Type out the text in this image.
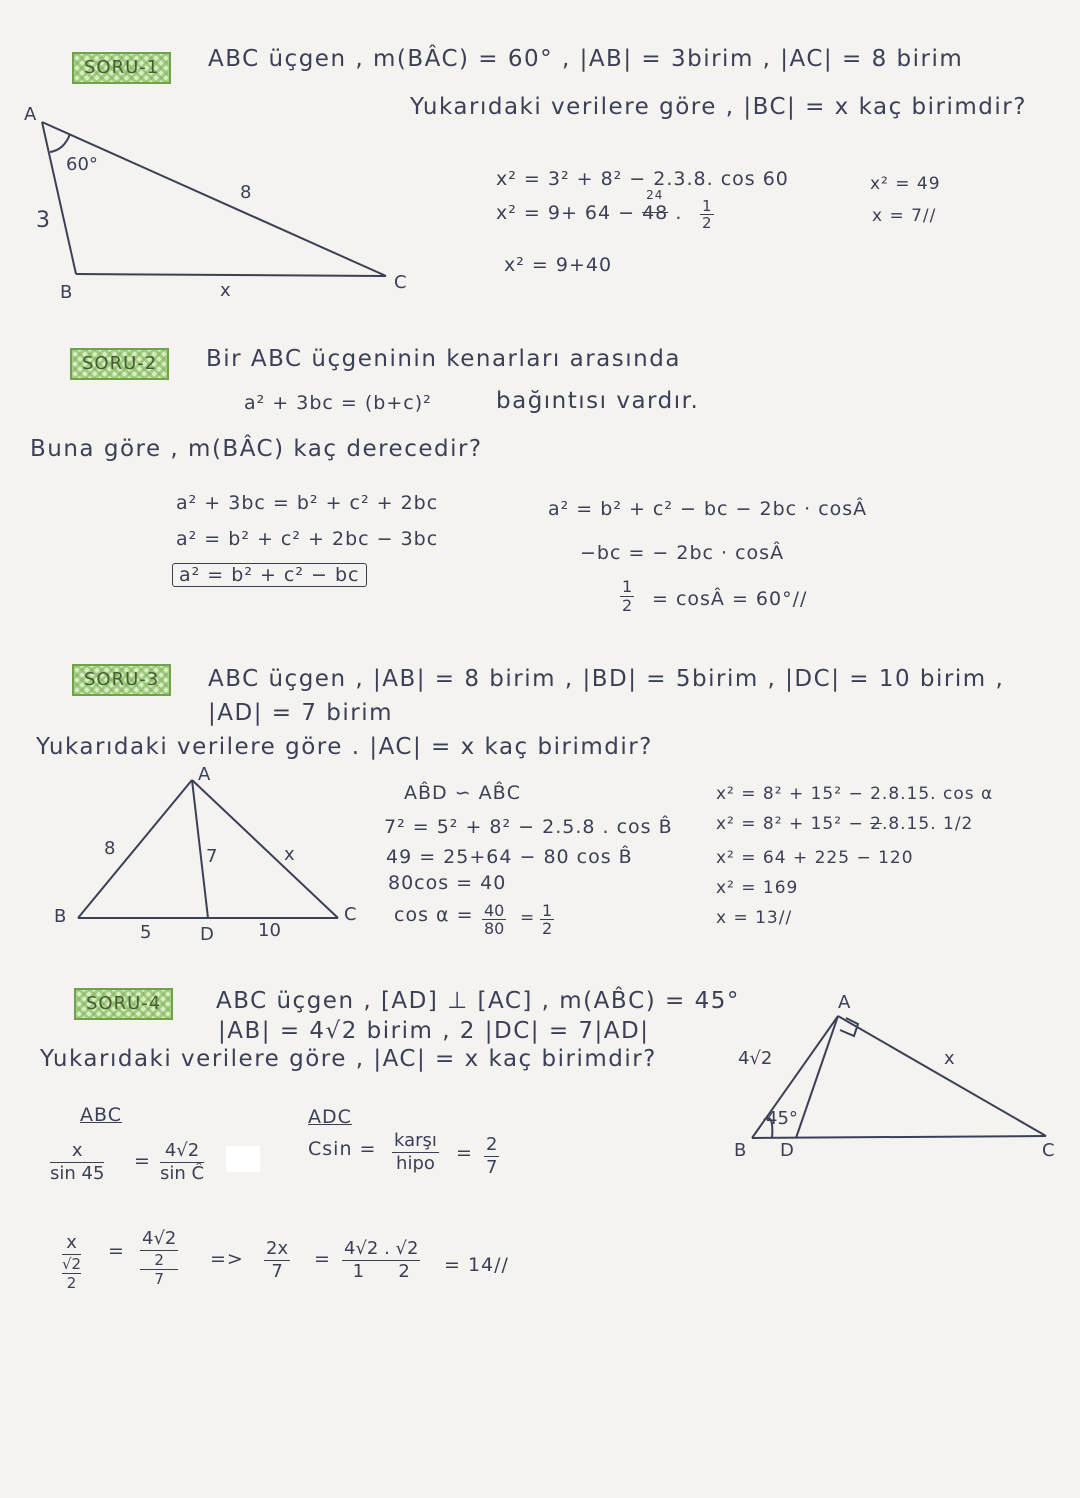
SORU-1	ABC üçgen , m(BÂC) = 60° , |AB| = 3birim , |AC| = 8 birim
Yukarıdaki verilere göre , |BC| = x kaç birimdir?
A
B	C
60°
3
8
x
x² = 3² + 8² − 2.3.8. cos 60
x² = 9+ 64 − 48
24
. $\frac{1}{2}$
x² = 9+40
x² = 49
x = 7//
SORU-2	Bir ABC üçgeninin kenarları arasında
a² + 3bc = (b+c)²	bağıntısı vardır.
Buna göre , m(BÂC) kaç derecedir?
a² + 3bc = b² + c² + 2bc
a² = b² + c² + 2bc − 3bc
a² = b² + c² − bc
a² = b² + c² − bc − 2bc · cosÂ
−bc = − 2bc · cosÂ
$\frac{1}{2}$ = cosÂ = 60°//
SORU-3	ABC üçgen , |AB| = 8 birim , |BD| = 5birim , |DC| = 10 birim ,
|AD| = 7 birim
Yukarıdaki verilere göre . |AC| = x kaç birimdir?
A
B	C
D
8	7	x
5	10
AB̂D ∽ AB̂C
7² = 5² + 8² − 2.5.8 . cos B̂
49 = 25+64 − 80 cos B̂
80cos = 40
$\cos \alpha = \frac{40}{80} = \frac{1}{2}$
x² = 8² + 15² − 2.8.15. cos α
x² = 8² + 15² − 2.8.15. 1/2
x² = 64 + 225 − 120
x² = 169
x = 13//
SORU-4	ABC üçgen , [AD] ⊥ [AC] , m(AB̂C) = 45°
|AB| = 4√2 birim , 2 |DC| = 7|AD|
Yukarıdaki verilere göre , |AC| = x kaç birimdir?
A
B	C
D
4√2	x
45°
ABC
$\frac{x}{\sin 45} = \frac{4√2}{\text{sin Ĉ}}$
ADC
Csin = karşı
hipo = $\frac{2}{7}$
x
√2
2 = 4√2
2
$7 => \frac{2x}{7} = \frac{4√2 . √2}{1 2} = 14//$
